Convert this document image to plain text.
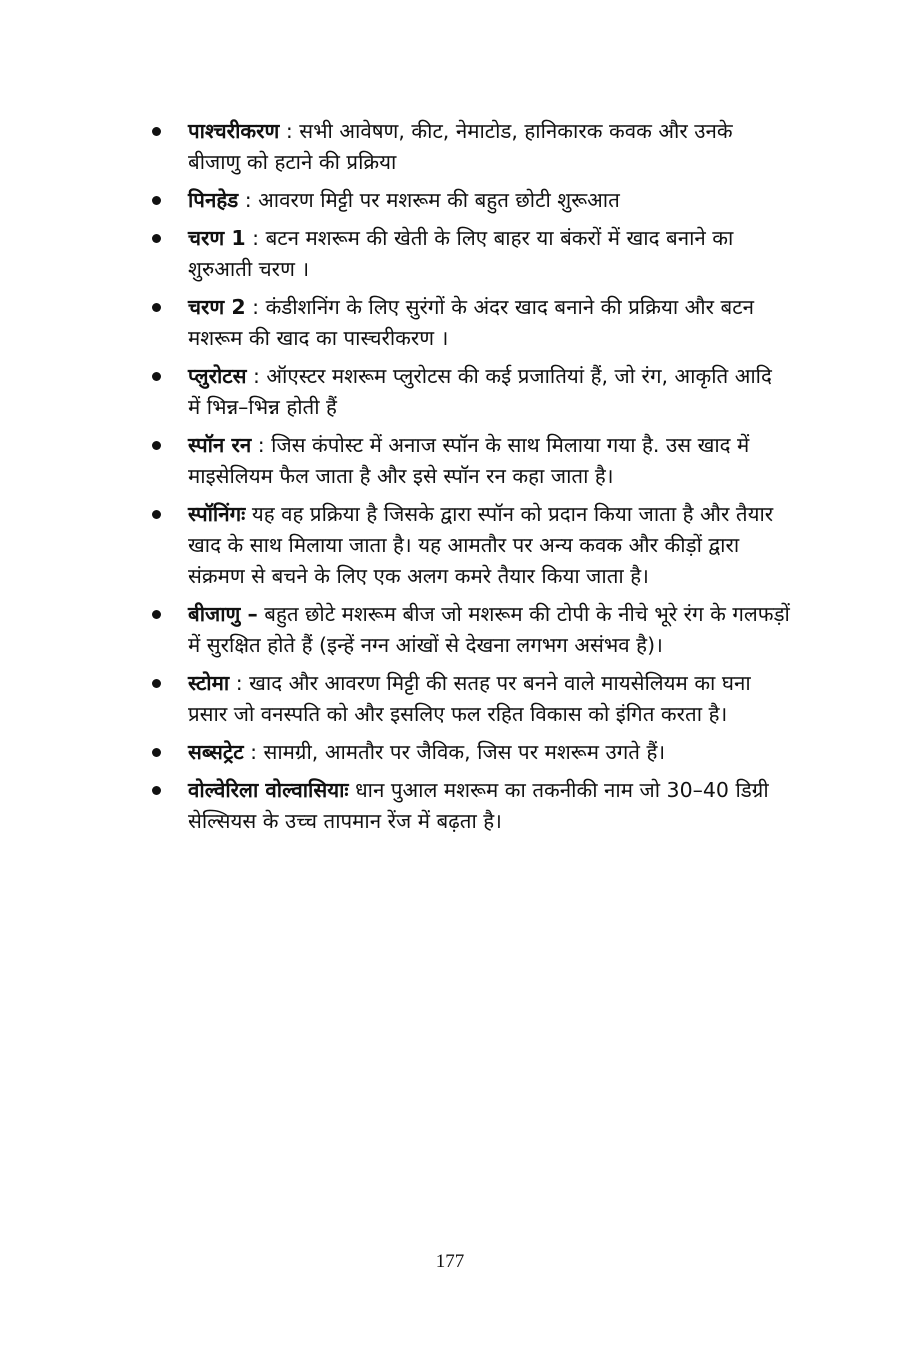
पाश्चरीकरण : सभी आवेषण, कीट, नेमाटोड, हानिकारक कवक और उनके बीजाणु को हटाने की प्रक्रिया
पिनहेड : आवरण मिट्टी पर मशरूम की बहुत छोटी शुरूआत
चरण 1 : बटन मशरूम की खेती के लिए बाहर या बंकरों में खाद बनाने का शुरुआती चरण ।
चरण 2 : कंडीशनिंग के लिए सुरंगों के अंदर खाद बनाने की प्रक्रिया और बटन मशरूम की खाद का पास्चरीकरण ।
प्लुरोटस : ऑएस्टर मशरूम प्लुरोटस की कई प्रजातियां हैं, जो रंग, आकृति आदि में भिन्न–भिन्न होती हैं
स्पॉन रन : जिस कंपोस्ट में अनाज स्पॉन के साथ मिलाया गया है. उस खाद में माइसेलियम फैल जाता है और इसे स्पॉन रन कहा जाता है।
स्पॉनिंगः यह वह प्रक्रिया है जिसके द्वारा स्पॉन को प्रदान किया जाता है और तैयार खाद के साथ मिलाया जाता है। यह आमतौर पर अन्य कवक और कीड़ों द्वारा संक्रमण से बचने के लिए एक अलग कमरे तैयार किया जाता है।
बीजाणु – बहुत छोटे मशरूम बीज जो मशरूम की टोपी के नीचे भूरे रंग के गलफड़ों में सुरक्षित होते हैं (इन्हें नग्न आंखों से देखना लगभग असंभव है)।
स्टोमा : खाद और आवरण मिट्टी की सतह पर बनने वाले मायसेलियम का घना प्रसार जो वनस्पति को और इसलिए फल रहित विकास को इंगित करता है।
सब्सट्रेट : सामग्री, आमतौर पर जैविक, जिस पर मशरूम उगते हैं।
वोल्वेरिला वोल्वासियाः धान पुआल मशरूम का तकनीकी नाम जो 30–40 डिग्री सेल्सियस के उच्च तापमान रेंज में बढ़ता है।
177
